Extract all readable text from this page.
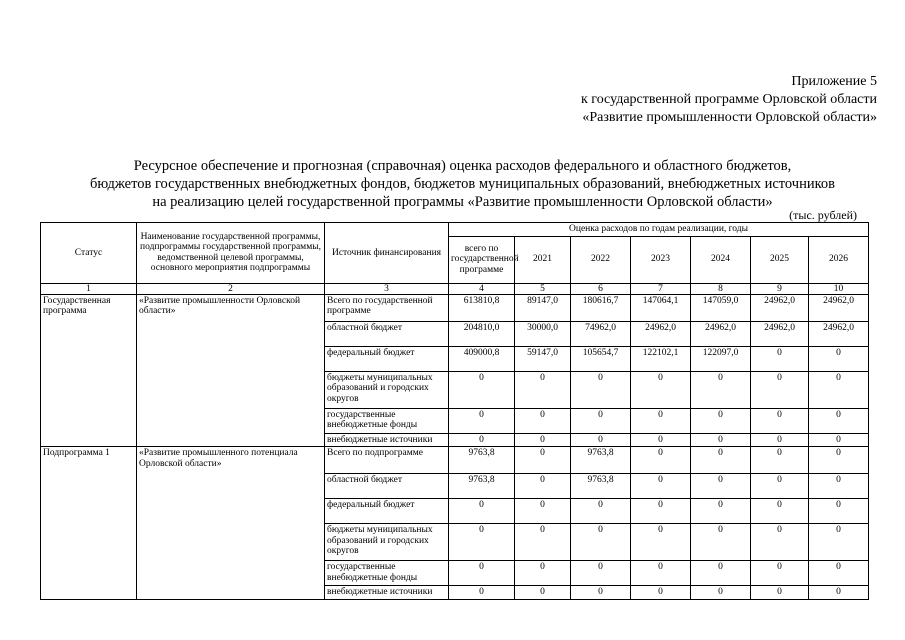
Приложение 5
к государственной программе Орловской области
«Развитие промышленности Орловской области»
Ресурсное обеспечение и прогнозная (справочная) оценка расходов федерального и областного бюджетов,
бюджетов государственных внебюджетных фондов, бюджетов муниципальных образований, внебюджетных источников
на реализацию целей государственной программы «Развитие промышленности Орловской области»
(тыс. рублей)
Статус	Наименование государственной программы, подпрограммы государственной программы, ведомственной целевой программы, основного мероприятия подпрограммы	Источник финансирования	Оценка расходов по годам реализации, годы						
			всего по государственной программе	2021	2022	2023	2024	2025	2026
1	2	3	4	5	6	7	8	9	10
Государственная программа	«Развитие промышленности Орловской области»	Всего по государственной программе	613810,8	89147,0	180616,7	147064,1	147059,0	24962,0	24962,0
		областной бюджет	204810,0	30000,0	74962,0	24962,0	24962,0	24962,0	24962,0
		федеральный бюджет	409000,8	59147,0	105654,7	122102,1	122097,0	0	0
		бюджеты муниципальных образований и городских округов	0	0	0	0	0	0	0
		государственные внебюджетные фонды	0	0	0	0	0	0	0
		внебюджетные источники	0	0	0	0	0	0	0
Подпрограмма 1	«Развитие промышленного потенциала Орловской области»	Всего по подпрограмме	9763,8	0	9763,8	0	0	0	0
		областной бюджет	9763,8	0	9763,8	0	0	0	0
		федеральный бюджет	0	0	0	0	0	0	0
		бюджеты муниципальных образований и городских округов	0	0	0	0	0	0	0
		государственные внебюджетные фонды	0	0	0	0	0	0	0
		внебюджетные источники	0	0	0	0	0	0	0
